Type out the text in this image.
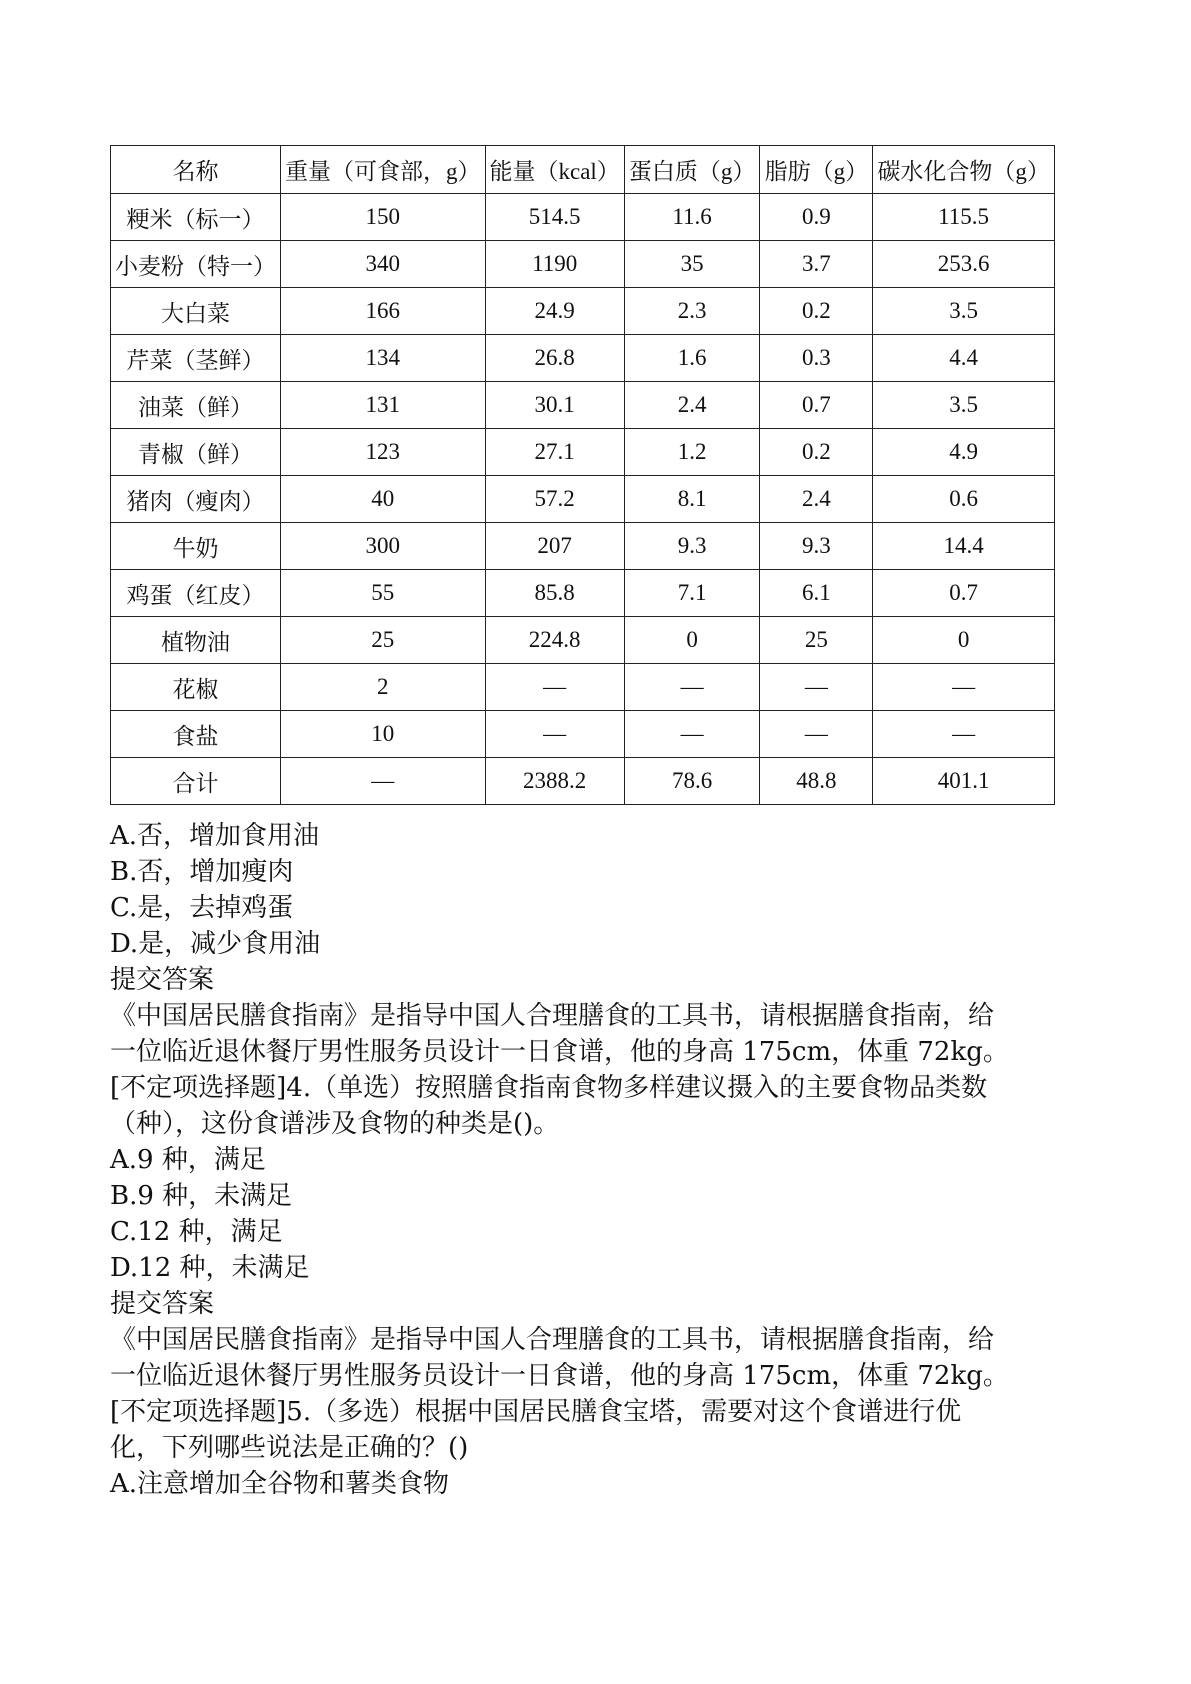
名称	重量（可食部，g）	能量（kcal）	蛋白质（g）	脂肪（g）	碳水化合物（g）
粳米（标一）	150	514.5	11.6	0.9	115.5
小麦粉（特一）	340	1190	35	3.7	253.6
大白菜	166	24.9	2.3	0.2	3.5
芹菜（茎鲜）	134	26.8	1.6	0.3	4.4
油菜（鲜）	131	30.1	2.4	0.7	3.5
青椒（鲜）	123	27.1	1.2	0.2	4.9
猪肉（瘦肉）	40	57.2	8.1	2.4	0.6
牛奶	300	207	9.3	9.3	14.4
鸡蛋（红皮）	55	85.8	7.1	6.1	0.7
植物油	25	224.8	0	25	0
花椒	2	—	—	—	—
食盐	10	—	—	—	—
合计	—	2388.2	78.6	48.8	401.1
A.否，增加食用油
B.否，增加瘦肉
C.是，去掉鸡蛋
D.是，减少食用油
提交答案
《中国居民膳食指南》是指导中国人合理膳食的工具书，请根据膳食指南，给
一位临近退休餐厅男性服务员设计一日食谱，他的身高 175cm，体重 72kg。
[不定项选择题]4.（单选）按照膳食指南食物多样建议摄入的主要食物品类数
（种），这份食谱涉及食物的种类是()。
A.9 种，满足
B.9 种，未满足
C.12 种，满足
D.12 种，未满足
提交答案
《中国居民膳食指南》是指导中国人合理膳食的工具书，请根据膳食指南，给
一位临近退休餐厅男性服务员设计一日食谱，他的身高 175cm，体重 72kg。
[不定项选择题]5.（多选）根据中国居民膳食宝塔，需要对这个食谱进行优
化，下列哪些说法是正确的？()
A.注意增加全谷物和薯类食物
